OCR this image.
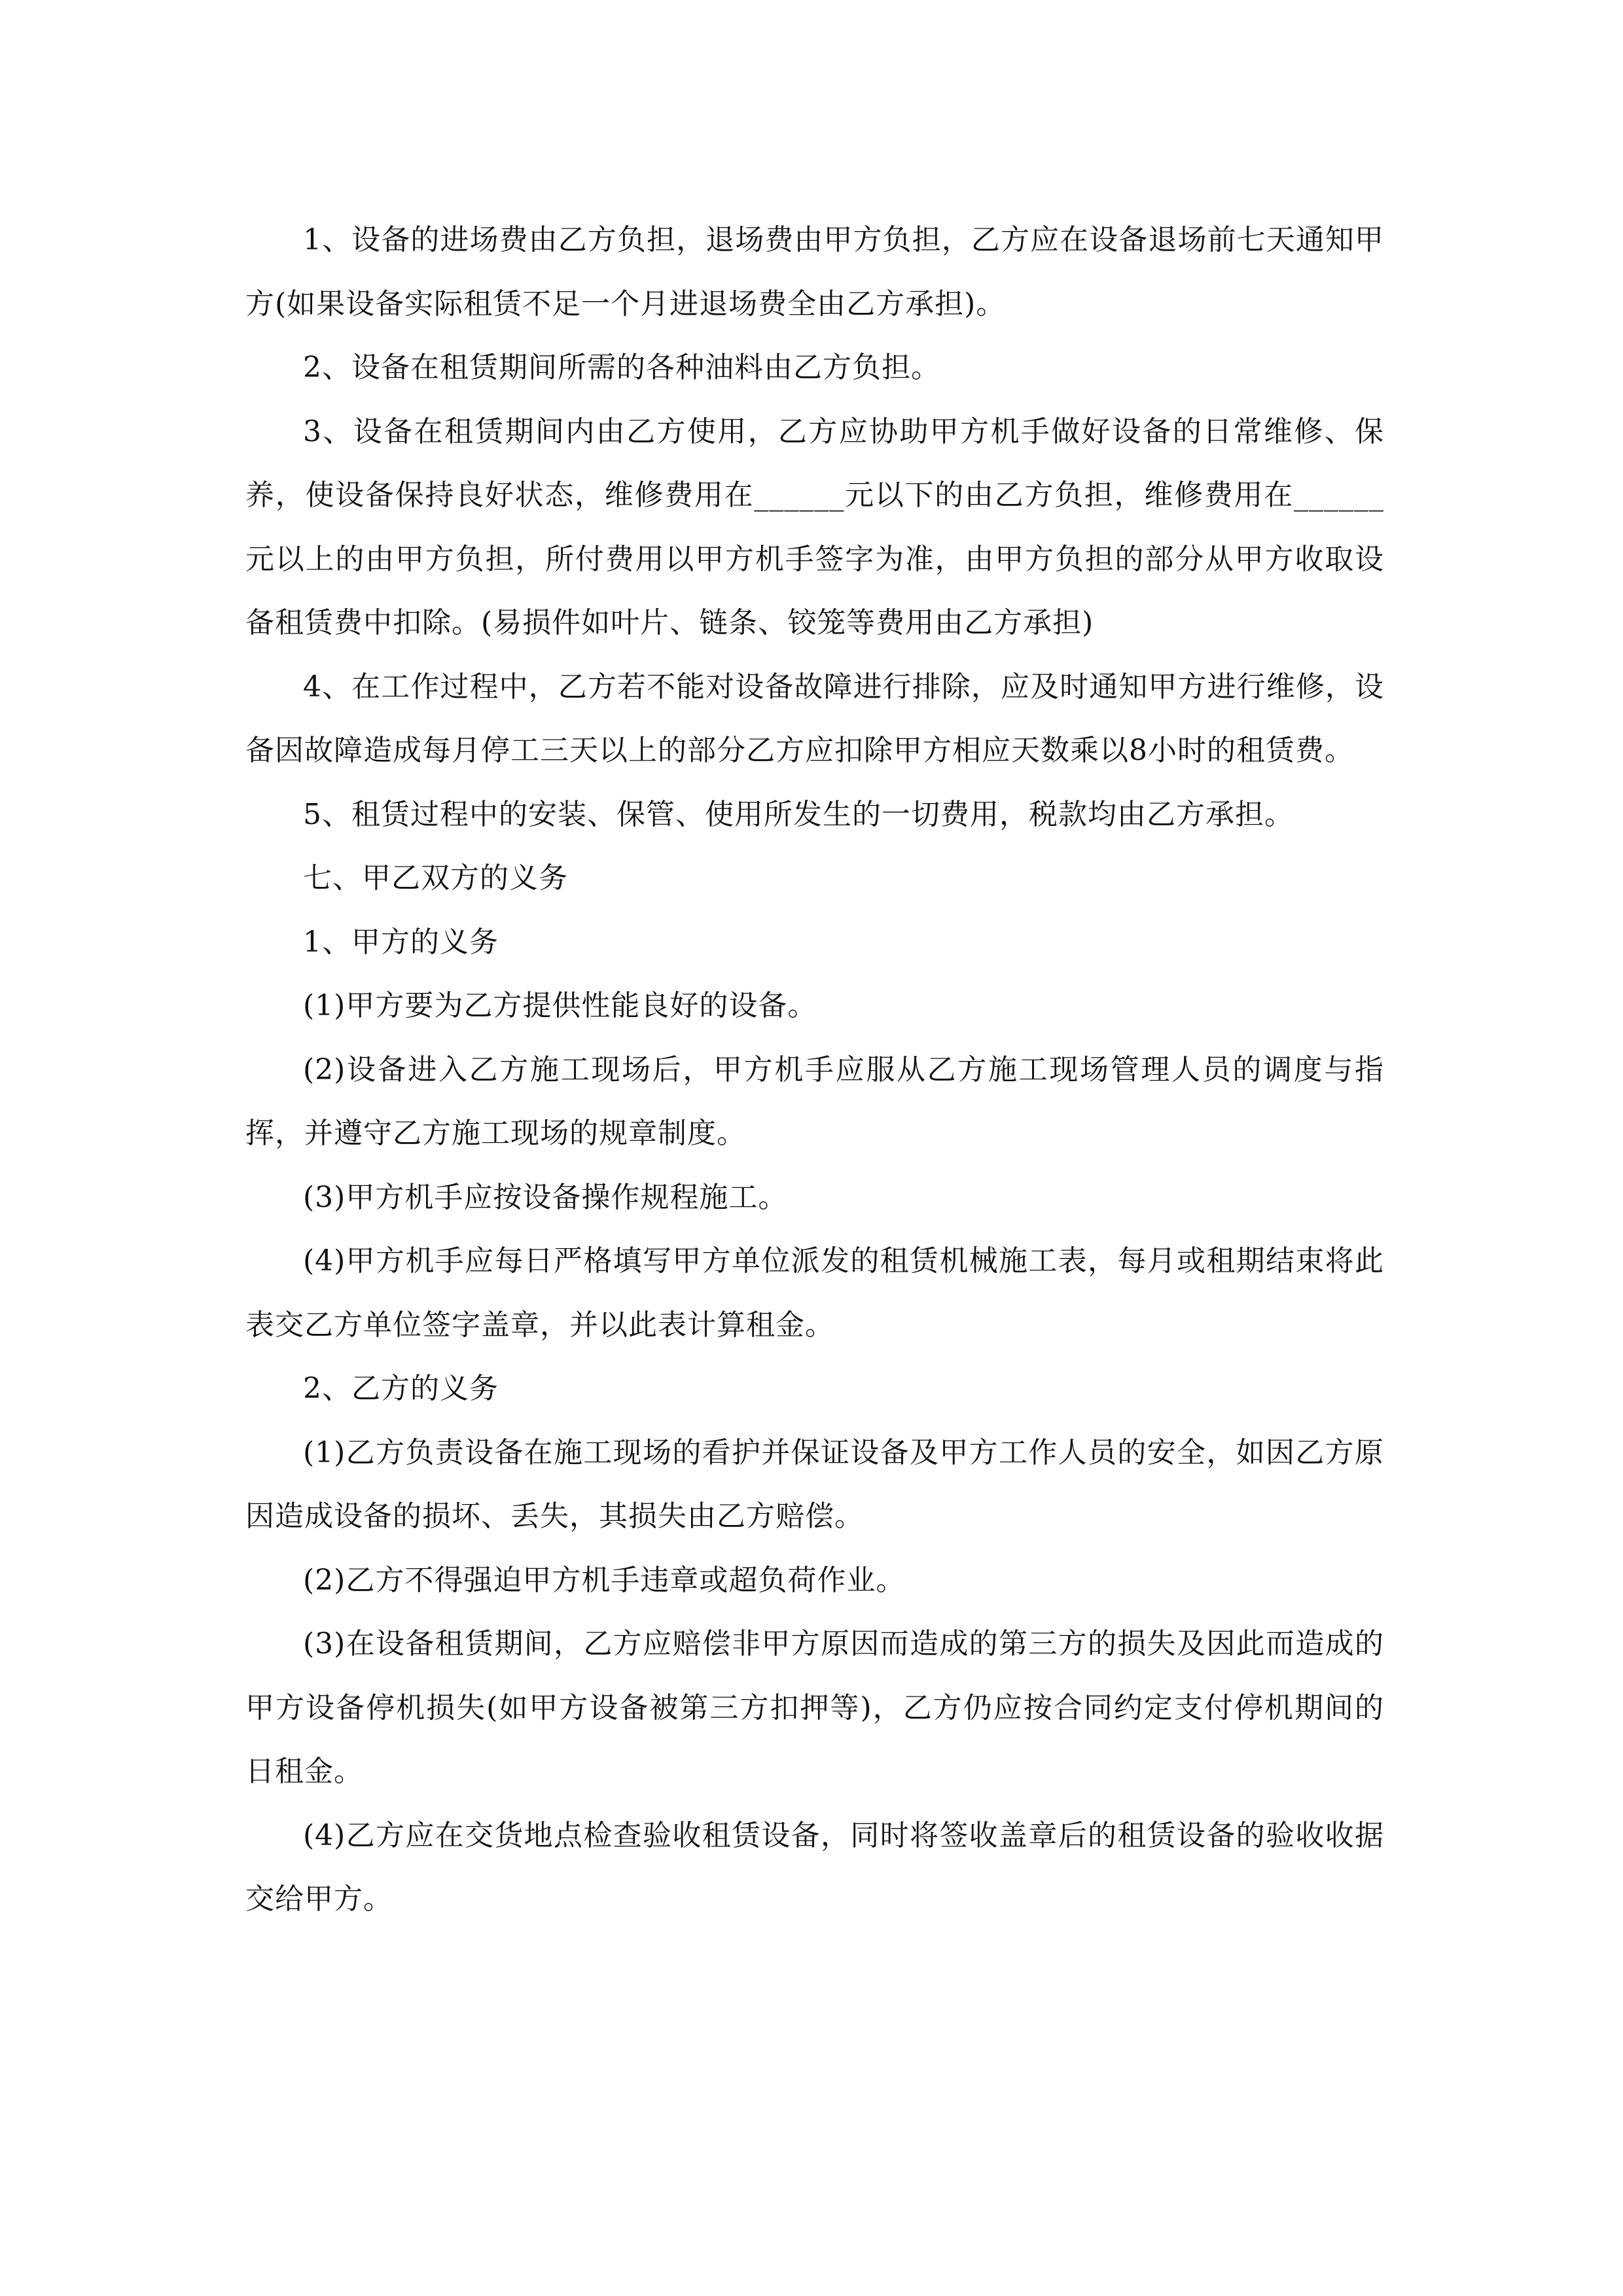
1、设备的进场费由乙方负担，退场费由甲方负担，乙方应在设备退场前七天通知甲方(如果设备实际租赁不足一个月进退场费全由乙方承担)。

2、设备在租赁期间所需的各种油料由乙方负担。

3、设备在租赁期间内由乙方使用，乙方应协助甲方机手做好设备的日常维修、保养，使设备保持良好状态，维修费用在______元以下的由乙方负担，维修费用在______元以上的由甲方负担，所付费用以甲方机手签字为准，由甲方负担的部分从甲方收取设备租赁费中扣除。(易损件如叶片、链条、铰笼等费用由乙方承担)

4、在工作过程中，乙方若不能对设备故障进行排除，应及时通知甲方进行维修，设备因故障造成每月停工三天以上的部分乙方应扣除甲方相应天数乘以8小时的租赁费。

5、租赁过程中的安装、保管、使用所发生的一切费用，税款均由乙方承担。

七、甲乙双方的义务

1、甲方的义务

(1)甲方要为乙方提供性能良好的设备。

(2)设备进入乙方施工现场后，甲方机手应服从乙方施工现场管理人员的调度与指挥，并遵守乙方施工现场的规章制度。

(3)甲方机手应按设备操作规程施工。

(4)甲方机手应每日严格填写甲方单位派发的租赁机械施工表，每月或租期结束将此表交乙方单位签字盖章，并以此表计算租金。

2、乙方的义务

(1)乙方负责设备在施工现场的看护并保证设备及甲方工作人员的安全，如因乙方原因造成设备的损坏、丢失，其损失由乙方赔偿。

(2)乙方不得强迫甲方机手违章或超负荷作业。

(3)在设备租赁期间，乙方应赔偿非甲方原因而造成的第三方的损失及因此而造成的甲方设备停机损失(如甲方设备被第三方扣押等)，乙方仍应按合同约定支付停机期间的日租金。

(4)乙方应在交货地点检查验收租赁设备，同时将签收盖章后的租赁设备的验收收据交给甲方。
